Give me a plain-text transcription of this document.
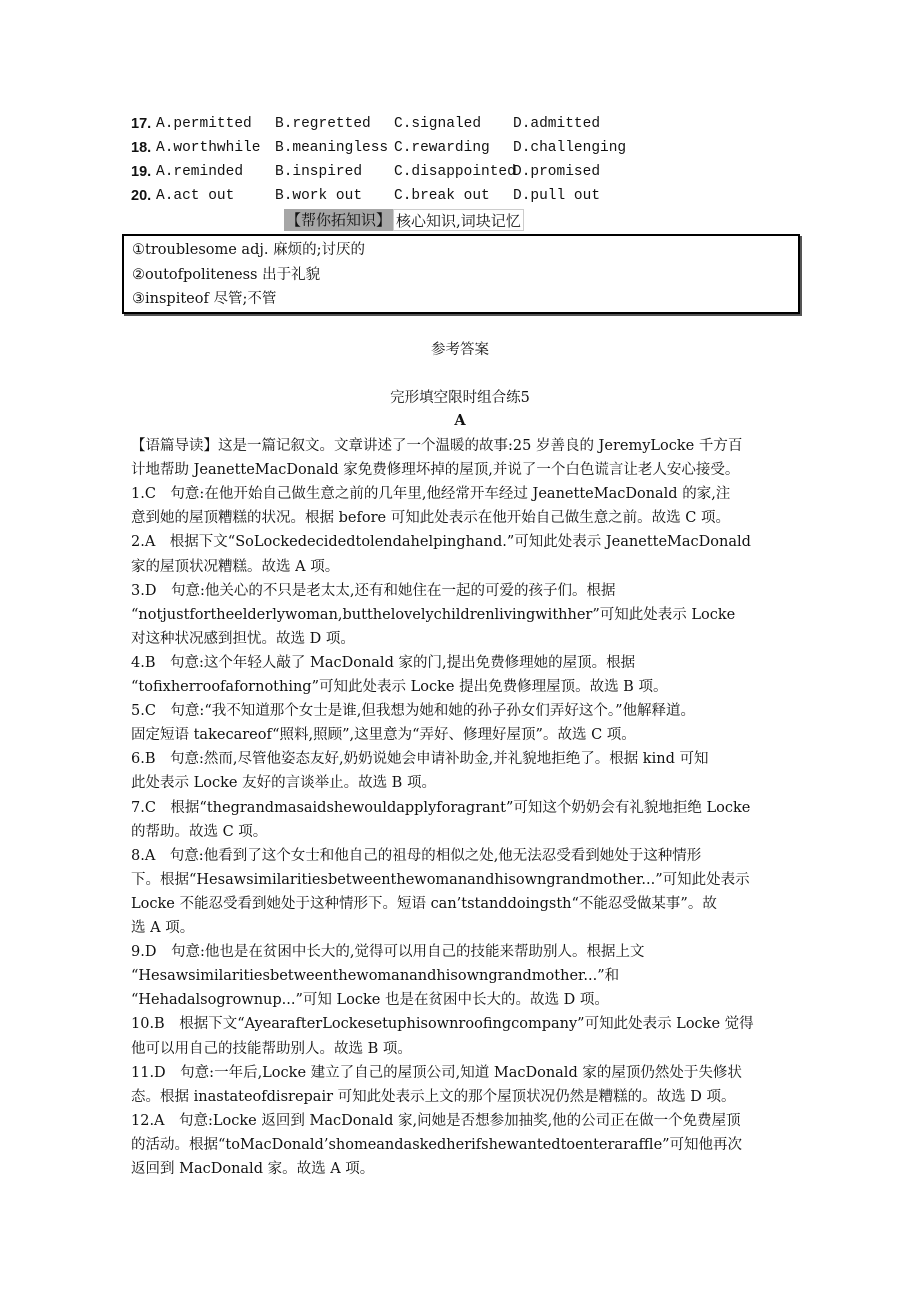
17. A.permitted B.regretted C.signaled D.admitted
18. A.worthwhile B.meaningless C.rewarding D.challenging
19. A.reminded B.inspired C.disappointed
D.promised
20. A.act out	B.work out C.break out D.pull out
【帮你拓知识】 核心知识,词块记忆
①troublesome adj. 麻烦的;讨厌的
②outofpoliteness 出于礼貌
③inspiteof 尽管;不管
参考答案
完形填空限时组合练5
A
【语篇导读】这是一篇记叙文。文章讲述了一个温暖的故事:25 岁善良的 JeremyLocke 千方百
计地帮助 JeanetteMacDonald 家免费修理坏掉的屋顶,并说了一个白色谎言让老人安心接受。
1.C　句意:在他开始自己做生意之前的几年里,他经常开车经过 JeanetteMacDonald 的家,注
意到她的屋顶糟糕的状况。根据 before 可知此处表示在他开始自己做生意之前。故选 C 项。
2.A　根据下文“SoLockedecidedtolendahelpinghand.”可知此处表示 JeanetteMacDonald
家的屋顶状况糟糕。故选 A 项。
3.D　句意:他关心的不只是老太太,还有和她住在一起的可爱的孩子们。根据
“notjustfortheelderlywoman,butthelovelychildrenlivingwithher”可知此处表示 Locke
对这种状况感到担忧。故选 D 项。
4.B　句意:这个年轻人敲了 MacDonald 家的门,提出免费修理她的屋顶。根据
“tofixherroofafornothing”可知此处表示 Locke 提出免费修理屋顶。故选 B 项。
5.C　句意:“我不知道那个女士是谁,但我想为她和她的孙子孙女们弄好这个。”他解释道。
固定短语 takecareof“照料,照顾”,这里意为“弄好、修理好屋顶”。故选 C 项。
6.B　句意:然而,尽管他姿态友好,奶奶说她会申请补助金,并礼貌地拒绝了。根据 kind 可知
此处表示 Locke 友好的言谈举止。故选 B 项。
7.C　根据“thegrandmasaidshewouldapplyforagrant”可知这个奶奶会有礼貌地拒绝 Locke
的帮助。故选 C 项。
8.A　句意:他看到了这个女士和他自己的祖母的相似之处,他无法忍受看到她处于这种情形
下。根据“Hesawsimilaritiesbetweenthewomanandhisowngrandmother...”可知此处表示
Locke 不能忍受看到她处于这种情形下。短语 can’tstanddoingsth“不能忍受做某事”。故
选 A 项。
9.D　句意:他也是在贫困中长大的,觉得可以用自己的技能来帮助别人。根据上文
“Hesawsimilaritiesbetweenthewomanandhisowngrandmother...”和
“Hehadalsogrownup...”可知 Locke 也是在贫困中长大的。故选 D 项。
10.B　根据下文“AyearafterLockesetuphisownroofingcompany”可知此处表示 Locke 觉得
他可以用自己的技能帮助别人。故选 B 项。
11.D　句意:一年后,Locke 建立了自己的屋顶公司,知道 MacDonald 家的屋顶仍然处于失修状
态。根据 inastateofdisrepair 可知此处表示上文的那个屋顶状况仍然是糟糕的。故选 D 项。
12.A　句意:Locke 返回到 MacDonald 家,问她是否想参加抽奖,他的公司正在做一个免费屋顶
的活动。根据“toMacDonald’shomeandaskedherifshewantedtoenteraraffle”可知他再次
返回到 MacDonald 家。故选 A 项。
